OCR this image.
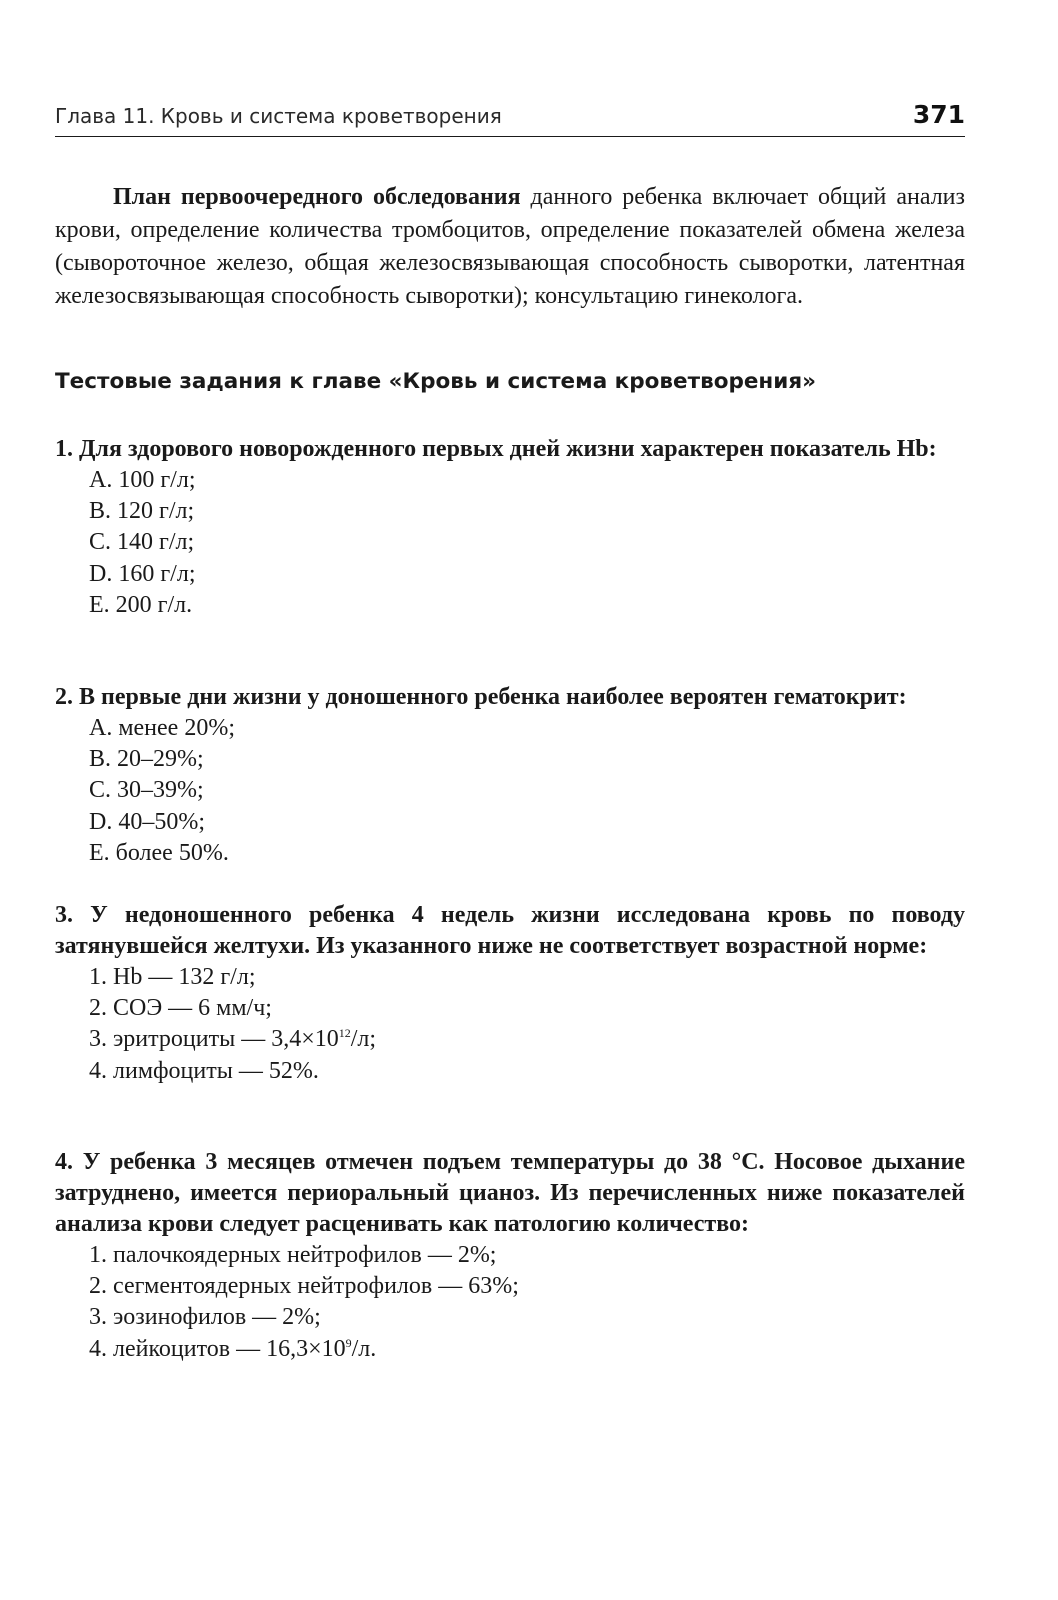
Глава 11. Кровь и система кроветворения	371

План первоочередного обследования данного ребенка включает общий анализ крови, определение количества тромбоцитов, определение показателей обмена железа (сывороточное железо, общая железосвязывающая способность сыворотки, латентная железосвязывающая способность сыворотки); консультацию гинеколога.

Тестовые задания к главе «Кровь и система кроветворения»

1. Для здорового новорожденного первых дней жизни характерен показатель Hb:

A. 100 г/л;
B. 120 г/л;
C. 140 г/л;
D. 160 г/л;
E. 200 г/л.

2. В первые дни жизни у доношенного ребенка наиболее вероятен гематокрит:

A. менее 20%;
B. 20–29%;
C. 30–39%;
D. 40–50%;
E. более 50%.

3. У недоношенного ребенка 4 недель жизни исследована кровь по поводу затянувшейся желтухи. Из указанного ниже не соответствует возрастной норме:

1. Hb — 132 г/л;
2. СОЭ — 6 мм/ч;
3. эритроциты — $3,4\times 10^{12}/л$;
4. лимфоциты — 52%.

4. У ребенка 3 месяцев отмечен подъем температуры до 38 °С. Носовое дыхание затруднено, имеется периоральный цианоз. Из перечисленных ниже показателей анализа крови следует расценивать как патологию количество:

1. палочкоядерных нейтрофилов — 2%;
2. сегментоядерных нейтрофилов — 63%;
3. эозинофилов — 2%;
4. лейкоцитов — $16,3\times 10^9/л$.
